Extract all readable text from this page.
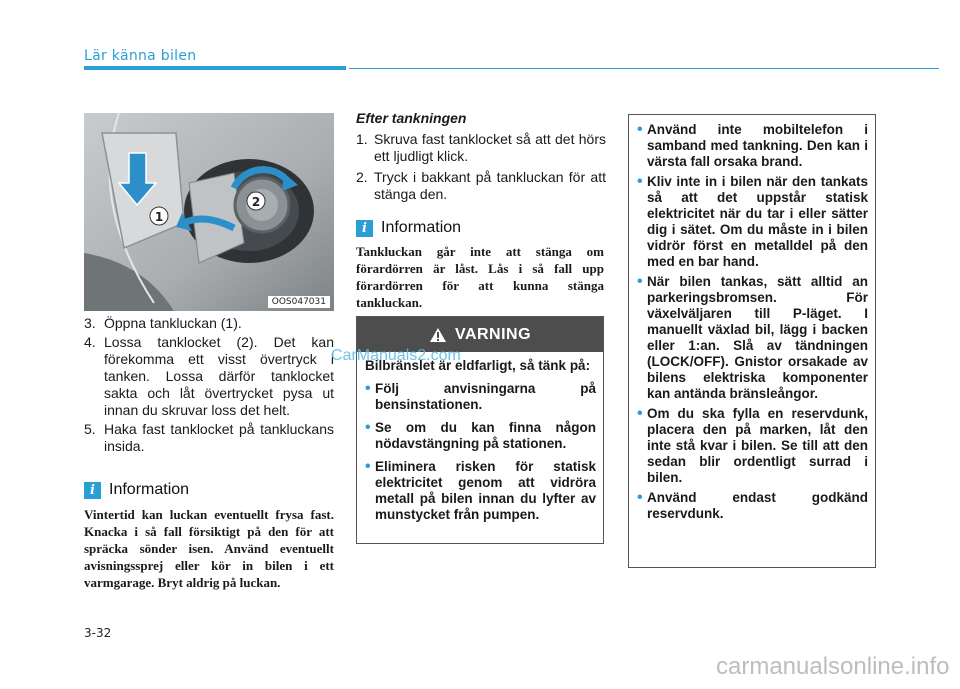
Lär känna bilen
1
2
OOS047031
3. Öppna tankluckan (1).
4. Lossa tanklocket (2). Det kan förekomma ett visst övertryck i tanken. Lossa därför tanklocket sakta och låt övertrycket pysa ut innan du skruvar loss det helt.
5. Haka fast tanklocket på tankluckans insida.
i Information
Vintertid kan luckan eventuellt frysa fast. Knacka i så fall försiktigt på den för att spräcka sönder isen. Använd eventuellt avisningssprej eller kör in bilen i ett varmgarage. Bryt aldrig på luckan.
Efter tankningen
1. Skruva fast tanklocket så att det hörs ett ljudligt klick.
2. Tryck i bakkant på tankluckan för att stänga den.
i Information
Tankluckan går inte att stänga om förardörren är låst. Lås i så fall upp förardörren för att kunna stänga tankluckan.
VARNING

Bilbränslet är eldfarligt, så tänk på:

• Följ anvisningarna på bensinstationen.
• Se om du kan finna någon nödavstängning på stationen.
• Eliminera risken för statisk elektricitet genom att vidröra metall på bilen innan du lyfter av munstycket från pumpen.
• Använd inte mobiltelefon i samband med tankning. Den kan i värsta fall orsaka brand.
• Kliv inte in i bilen när den tankats så att det uppstår statisk elektricitet när du tar i eller sätter dig i sätet. Om du måste in i bilen vidrör först en metalldel på den med en bar hand.
• När bilen tankas, sätt alltid an parkeringsbromsen. För växelväljaren till P-läget. I manuellt växlad bil, lägg i backen eller 1:an. Slå av tändningen (LOCK/OFF). Gnistor orsakade av bilens elektriska komponenter kan antända bränsleångor.
• Om du ska fylla en reservdunk, placera den på marken, låt den inte stå kvar i bilen. Se till att den sedan blir ordentligt surrad i bilen.
• Använd endast godkänd reservdunk.
3-32
CarManuals2.com
carmanualsonline.info
